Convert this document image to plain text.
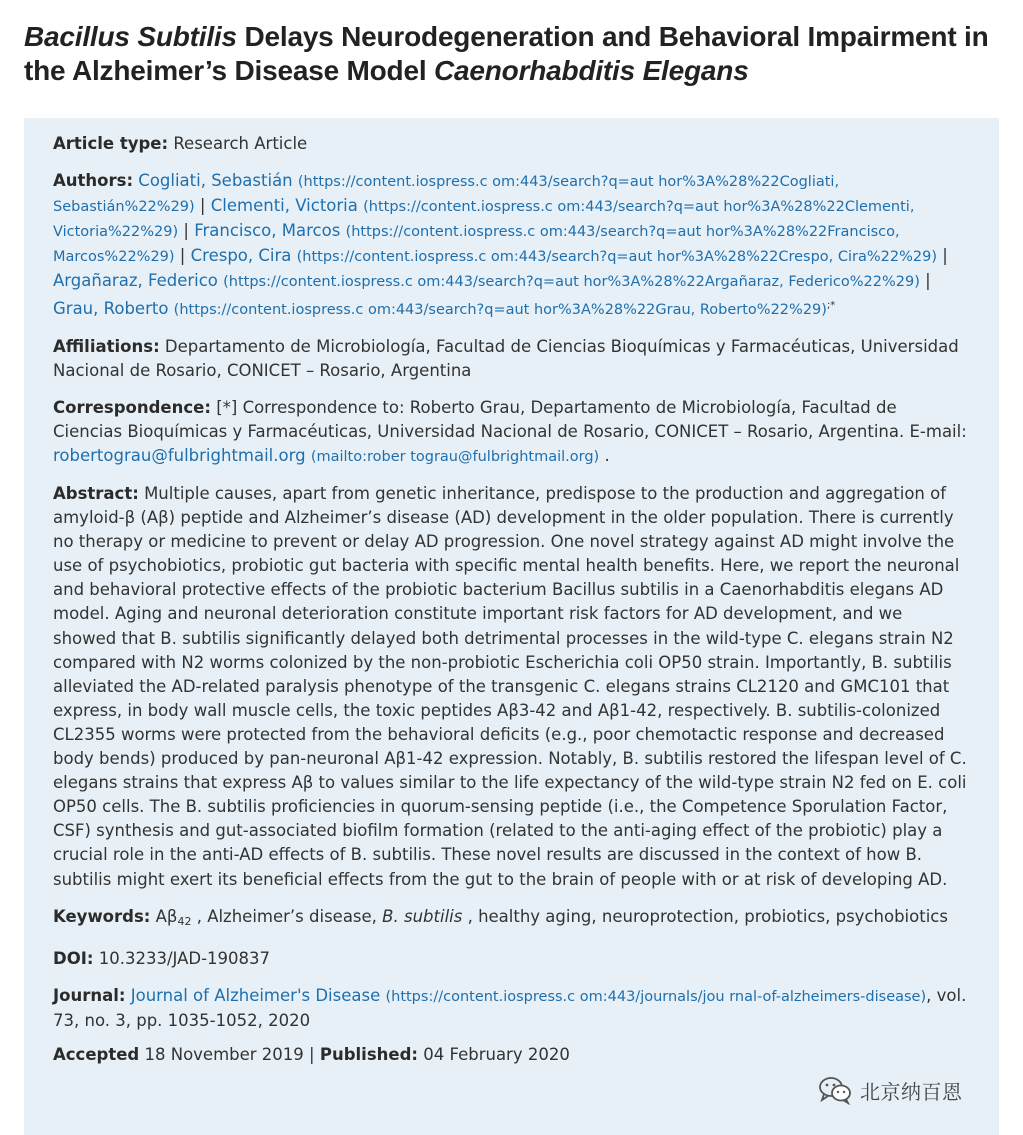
Bacillus Subtilis Delays Neurodegeneration and Behavioral Impairment in the Alzheimer’s Disease Model Caenorhabditis Elegans
Article type: Research Article
Authors: Cogliati, Sebastián (https://content.iospress.c om:443/search?q=aut hor%3A%28%22Cogliati, Sebastián%22%29) | Clementi, Victoria (https://content.iospress.c om:443/search?q=aut hor%3A%28%22Clementi, Victoria%22%29) | Francisco, Marcos (https://content.iospress.c om:443/search?q=aut hor%3A%28%22Francisco, Marcos%22%29) | Crespo, Cira (https://content.iospress.c om:443/search?q=aut hor%3A%28%22Crespo, Cira%22%29) | Argañaraz, Federico (https://content.iospress.c om:443/search?q=aut hor%3A%28%22Argañaraz, Federico%22%29) | Grau, Roberto (https://content.iospress.c om:443/search?q=aut hor%3A%28%22Grau, Roberto%22%29);*
Affiliations: Departamento de Microbiología, Facultad de Ciencias Bioquímicas y Farmacéuticas, Universidad Nacional de Rosario, CONICET – Rosario, Argentina
Correspondence: [*] Correspondence to: Roberto Grau, Departamento de Microbiología, Facultad de Ciencias Bioquímicas y Farmacéuticas, Universidad Nacional de Rosario, CONICET – Rosario, Argentina. E-mail: robertograu@fulbrightmail.org (mailto:rober tograu@fulbrightmail.org) .
Abstract: Multiple causes, apart from genetic inheritance, predispose to the production and aggregation of amyloid-β (Aβ) peptide and Alzheimer’s disease (AD) development in the older population. There is currently no therapy or medicine to prevent or delay AD progression. One novel strategy against AD might involve the use of psychobiotics, probiotic gut bacteria with specific mental health benefits. Here, we report the neuronal and behavioral protective effects of the probiotic bacterium Bacillus subtilis in a Caenorhabditis elegans AD model. Aging and neuronal deterioration constitute important risk factors for AD development, and we showed that B. subtilis significantly delayed both detrimental processes in the wild-type C. elegans strain N2 compared with N2 worms colonized by the non-probiotic Escherichia coli OP50 strain. Importantly, B. subtilis alleviated the AD-related paralysis phenotype of the transgenic C. elegans strains CL2120 and GMC101 that express, in body wall muscle cells, the toxic peptides Aβ3-42 and Aβ1-42, respectively. B. subtilis-colonized CL2355 worms were protected from the behavioral deficits (e.g., poor chemotactic response and decreased body bends) produced by pan-neuronal Aβ1-42 expression. Notably, B. subtilis restored the lifespan level of C. elegans strains that express Aβ to values similar to the life expectancy of the wild-type strain N2 fed on E. coli OP50 cells. The B. subtilis proficiencies in quorum-sensing peptide (i.e., the Competence Sporulation Factor, CSF) synthesis and gut-associated biofilm formation (related to the anti-aging effect of the probiotic) play a crucial role in the anti-AD effects of B. subtilis. These novel results are discussed in the context of how B. subtilis might exert its beneficial effects from the gut to the brain of people with or at risk of developing AD.
Keywords: $A\beta_{42}$ , Alzheimer’s disease, B. subtilis , healthy aging, neuroprotection, probiotics, psychobiotics
DOI: 10.3233/JAD-190837
Journal: Journal of Alzheimer's Disease (https://content.iospress.c om:443/journals/jou rnal-of-alzheimers-disease), vol. 73, no. 3, pp. 1035-1052, 2020
Accepted 18 November 2019 | Published: 04 February 2020
北京纳百恩
